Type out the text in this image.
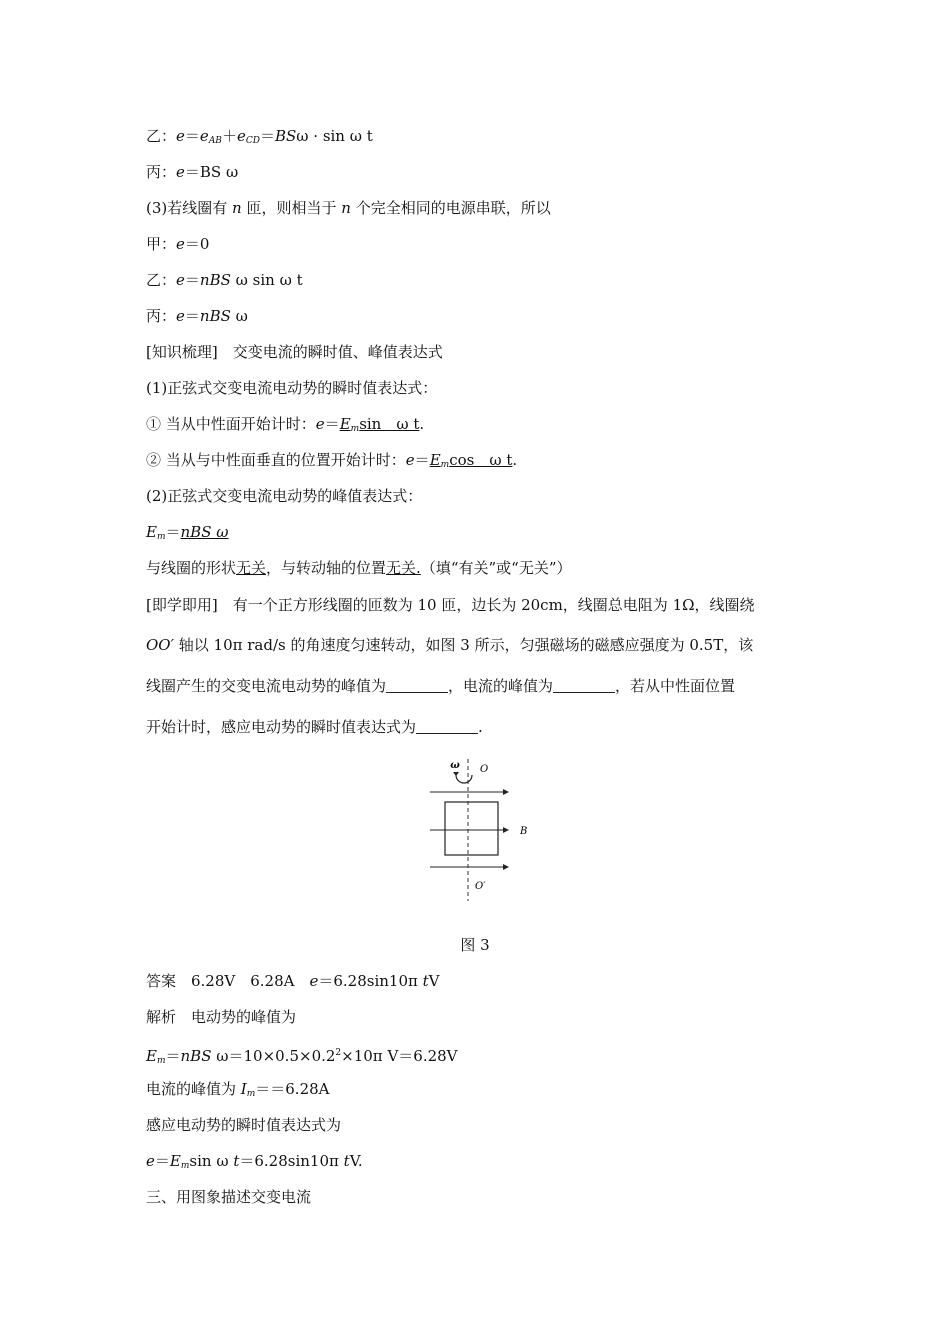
乙：$e=e_{AB}+e_{CD}=BS\omega \cdot \sin \omega$ t
丙：e＝BS ω
(3)若线圈有 n 匝，则相当于 n 个完全相同的电源串联，所以
甲：e＝0
乙：e＝nBS ω sin ω t
丙：e＝nBS ω
[知识梳理]　交变电流的瞬时值、峰值表达式
(1)正弦式交变电流电动势的瞬时值表达式：
① 当从中性面开始计时：$e=E_m\sin$　ω t.
② 当从与中性面垂直的位置开始计时：$e=E_m\cos$　ω t.
(2)正弦式交变电流电动势的峰值表达式：
$E_m=nBS$ ω
与线圈的形状无关，与转动轴的位置无关.（填“有关”或“无关”）
[即学即用]　有一个正方形线圈的匝数为 10 匝，边长为 20cm，线圈总电阻为 1Ω，线圈绕
OO′ 轴以 10π rad/s 的角速度匀速转动，如图 3 所示，匀强磁场的磁感应强度为 0.5T，该
线圈产生的交变电流电动势的峰值为	，电流的峰值为	，若从中性面位置
开始计时，感应电动势的瞬时值表达式为	.
ω O
B
O′
图 3
答案　6.28V　6.28A　e＝6.28sin10π tV
解析　电动势的峰值为
$E_m=nBS$ $\omega=10\times 0.5\times 0.2^2\times 10\pi$ V＝6.28V
电流的峰值为 $I_m==6.28A$
感应电动势的瞬时值表达式为
$e=E_m\sin$ ω t＝6.28sin10π tV.
三、用图象描述交变电流
